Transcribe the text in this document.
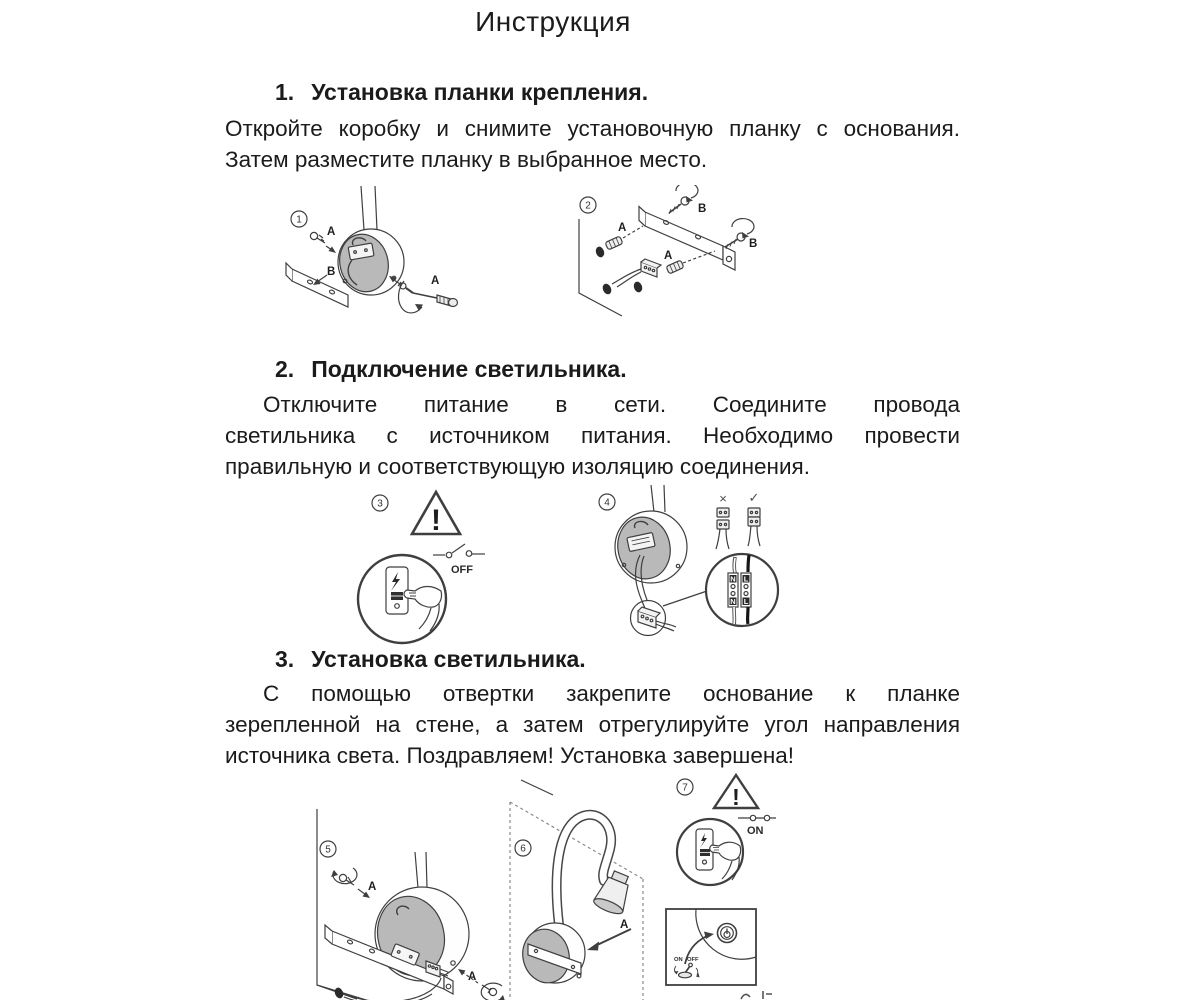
Инструкция
1. Установка планки крепления.
Откройте коробку и снимите установочную планку с основания.
Затем разместите планку в выбранное место.
1
A
B
A
2
A
A
B
B
2. Подключение светильника.
Отключите питание в сети. Соедините провода
светильника с источником питания. Необходимо провести
правильную и соответствующую изоляцию соединения.
3 !
OFF
4	× ✓
N L
N L
3. Установка светильника.
С помощью отвертки закрепите основание к планке
зерепленной на стене, а затем отрегулируйте угол направления
источника света. Поздравляем! Установка завершена!
5
A
A
6
A
7 !
ON
ON OFF
